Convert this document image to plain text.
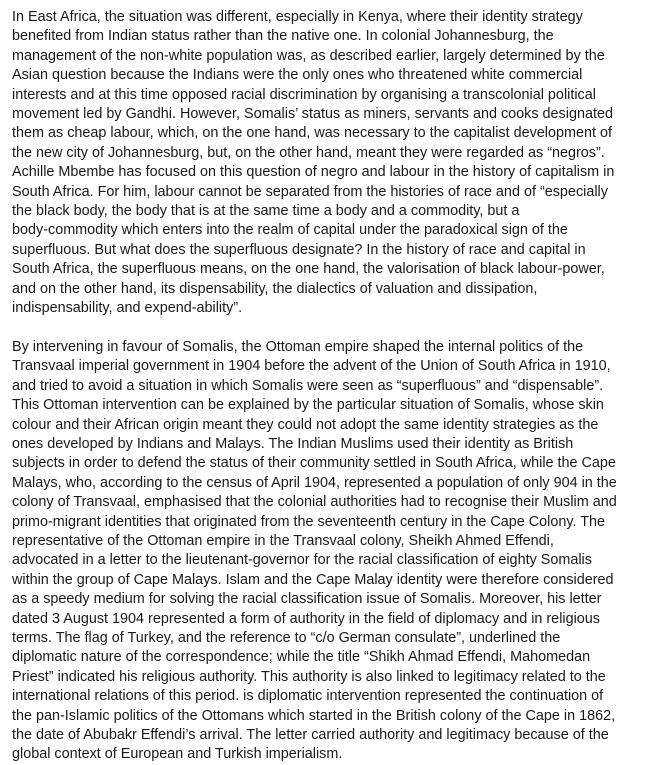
In East Africa, the situation was different, especially in Kenya, where their identity strategy
benefited from Indian status rather than the native one. In colonial Johannesburg, the
management of the non-white population was, as described earlier, largely determined by the
Asian question because the Indians were the only ones who threatened white commercial
interests and at this time opposed racial discrimination by organising a transcolonial political
movement led by Gandhi. However, Somalis’ status as miners, servants and cooks designated
them as cheap labour, which, on the one hand, was necessary to the capitalist development of
the new city of Johannesburg, but, on the other hand, meant they were regarded as “negros”.
Achille Mbembe has focused on this question of negro and labour in the history of capitalism in
South Africa. For him, labour cannot be separated from the histories of race and of “especially
the black body, the body that is at the same time a body and a commodity, but a
body-commodity which enters into the realm of capital under the paradoxical sign of the
superfluous. But what does the superfluous designate? In the history of race and capital in
South Africa, the superfluous means, on the one hand, the valorisation of black labour-power,
and on the other hand, its dispensability, the dialectics of valuation and dissipation,
indispensability, and expend-ability”.

By intervening in favour of Somalis, the Ottoman empire shaped the internal politics of the
Transvaal imperial government in 1904 before the advent of the Union of South Africa in 1910,
and tried to avoid a situation in which Somalis were seen as “superfluous” and “dispensable”.
This Ottoman intervention can be explained by the particular situation of Somalis, whose skin
colour and their African origin meant they could not adopt the same identity strategies as the
ones developed by Indians and Malays. The Indian Muslims used their identity as British
subjects in order to defend the status of their community settled in South Africa, while the Cape
Malays, who, according to the census of April 1904, represented a population of only 904 in the
colony of Transvaal, emphasised that the colonial authorities had to recognise their Muslim and
primo-migrant identities that originated from the seventeenth century in the Cape Colony. The
representative of the Ottoman empire in the Transvaal colony, Sheikh Ahmed Effendi,
advocated in a letter to the lieutenant-governor for the racial classification of eighty Somalis
within the group of Cape Malays. Islam and the Cape Malay identity were therefore considered
as a speedy medium for solving the racial classification issue of Somalis. Moreover, his letter
dated 3 August 1904 represented a form of authority in the field of diplomacy and in religious
terms. The flag of Turkey, and the reference to “c/o German consulate”, underlined the
diplomatic nature of the correspondence; while the title “Shikh Ahmad Effendi, Mahomedan
Priest” indicated his religious authority. This authority is also linked to legitimacy related to the
international relations of this period. is diplomatic intervention represented the continuation of
the pan-Islamic politics of the Ottomans which started in the British colony of the Cape in 1862,
the date of Abubakr Effendi’s arrival. The letter carried authority and legitimacy because of the
global context of European and Turkish imperialism.
